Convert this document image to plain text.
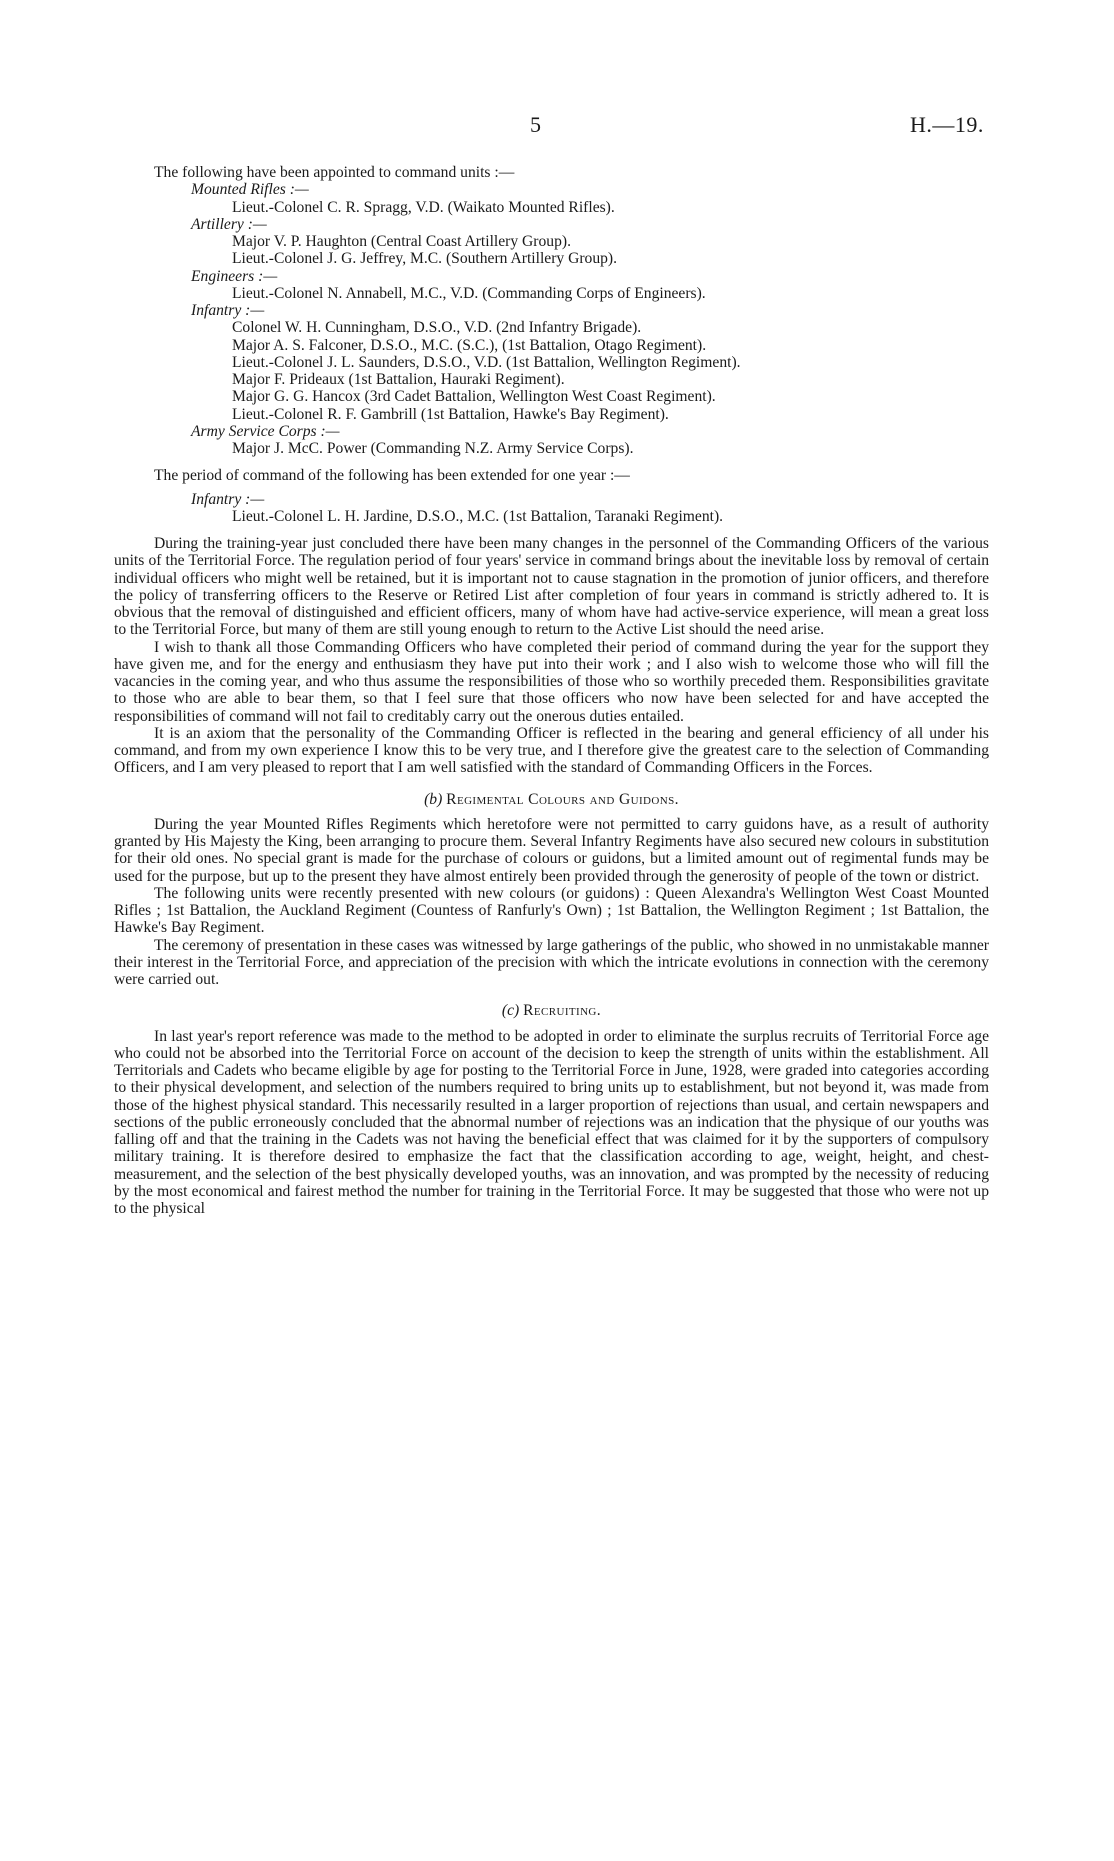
5	H.—19.
The following have been appointed to command units :—
Mounted Rifles :—
Lieut.-Colonel C. R. Spragg, V.D. (Waikato Mounted Rifles).
Artillery :—
Major V. P. Haughton (Central Coast Artillery Group).
Lieut.-Colonel J. G. Jeffrey, M.C. (Southern Artillery Group).
Engineers :—
Lieut.-Colonel N. Annabell, M.C., V.D. (Commanding Corps of Engineers).
Infantry :—
Colonel W. H. Cunningham, D.S.O., V.D. (2nd Infantry Brigade).
Major A. S. Falconer, D.S.O., M.C. (S.C.), (1st Battalion, Otago Regiment).
Lieut.-Colonel J. L. Saunders, D.S.O., V.D. (1st Battalion, Wellington Regiment).
Major F. Prideaux (1st Battalion, Hauraki Regiment).
Major G. G. Hancox (3rd Cadet Battalion, Wellington West Coast Regiment).
Lieut.-Colonel R. F. Gambrill (1st Battalion, Hawke's Bay Regiment).
Army Service Corps :—
Major J. McC. Power (Commanding N.Z. Army Service Corps).
The period of command of the following has been extended for one year :—
Infantry :—
Lieut.-Colonel L. H. Jardine, D.S.O., M.C. (1st Battalion, Taranaki Regiment).

During the training-year just concluded there have been many changes in the personnel of the Commanding Officers of the various units of the Territorial Force. The regulation period of four years' service in command brings about the inevitable loss by removal of certain individual officers who might well be retained, but it is important not to cause stagnation in the promotion of junior officers, and therefore the policy of transferring officers to the Reserve or Retired List after completion of four years in command is strictly adhered to. It is obvious that the removal of distinguished and efficient officers, many of whom have had active-service experience, will mean a great loss to the Territorial Force, but many of them are still young enough to return to the Active List should the need arise.

I wish to thank all those Commanding Officers who have completed their period of command during the year for the support they have given me, and for the energy and enthusiasm they have put into their work ; and I also wish to welcome those who will fill the vacancies in the coming year, and who thus assume the responsibilities of those who so worthily preceded them. Responsibilities gravitate to those who are able to bear them, so that I feel sure that those officers who now have been selected for and have accepted the responsibilities of command will not fail to creditably carry out the onerous duties entailed.

It is an axiom that the personality of the Commanding Officer is reflected in the bearing and general efficiency of all under his command, and from my own experience I know this to be very true, and I therefore give the greatest care to the selection of Commanding Officers, and I am very pleased to report that I am well satisfied with the standard of Commanding Officers in the Forces.

(b) Regimental Colours and Guidons.

During the year Mounted Rifles Regiments which heretofore were not permitted to carry guidons have, as a result of authority granted by His Majesty the King, been arranging to procure them. Several Infantry Regiments have also secured new colours in substitution for their old ones. No special grant is made for the purchase of colours or guidons, but a limited amount out of regimental funds may be used for the purpose, but up to the present they have almost entirely been provided through the generosity of people of the town or district.

The following units were recently presented with new colours (or guidons) : Queen Alexandra's Wellington West Coast Mounted Rifles ; 1st Battalion, the Auckland Regiment (Countess of Ranfurly's Own) ; 1st Battalion, the Wellington Regiment ; 1st Battalion, the Hawke's Bay Regiment.

The ceremony of presentation in these cases was witnessed by large gatherings of the public, who showed in no unmistakable manner their interest in the Territorial Force, and appreciation of the precision with which the intricate evolutions in connection with the ceremony were carried out.

(c) Recruiting.

In last year's report reference was made to the method to be adopted in order to eliminate the surplus recruits of Territorial Force age who could not be absorbed into the Territorial Force on account of the decision to keep the strength of units within the establishment. All Territorials and Cadets who became eligible by age for posting to the Territorial Force in June, 1928, were graded into categories according to their physical development, and selection of the numbers required to bring units up to establishment, but not beyond it, was made from those of the highest physical standard. This necessarily resulted in a larger proportion of rejections than usual, and certain newspapers and sections of the public erroneously concluded that the abnormal number of rejections was an indication that the physique of our youths was falling off and that the training in the Cadets was not having the beneficial effect that was claimed for it by the supporters of compulsory military training. It is therefore desired to emphasize the fact that the classification according to age, weight, height, and chest-measurement, and the selection of the best physically developed youths, was an innovation, and was prompted by the necessity of reducing by the most economical and fairest method the number for training in the Territorial Force. It may be suggested that those who were not up to the physical
